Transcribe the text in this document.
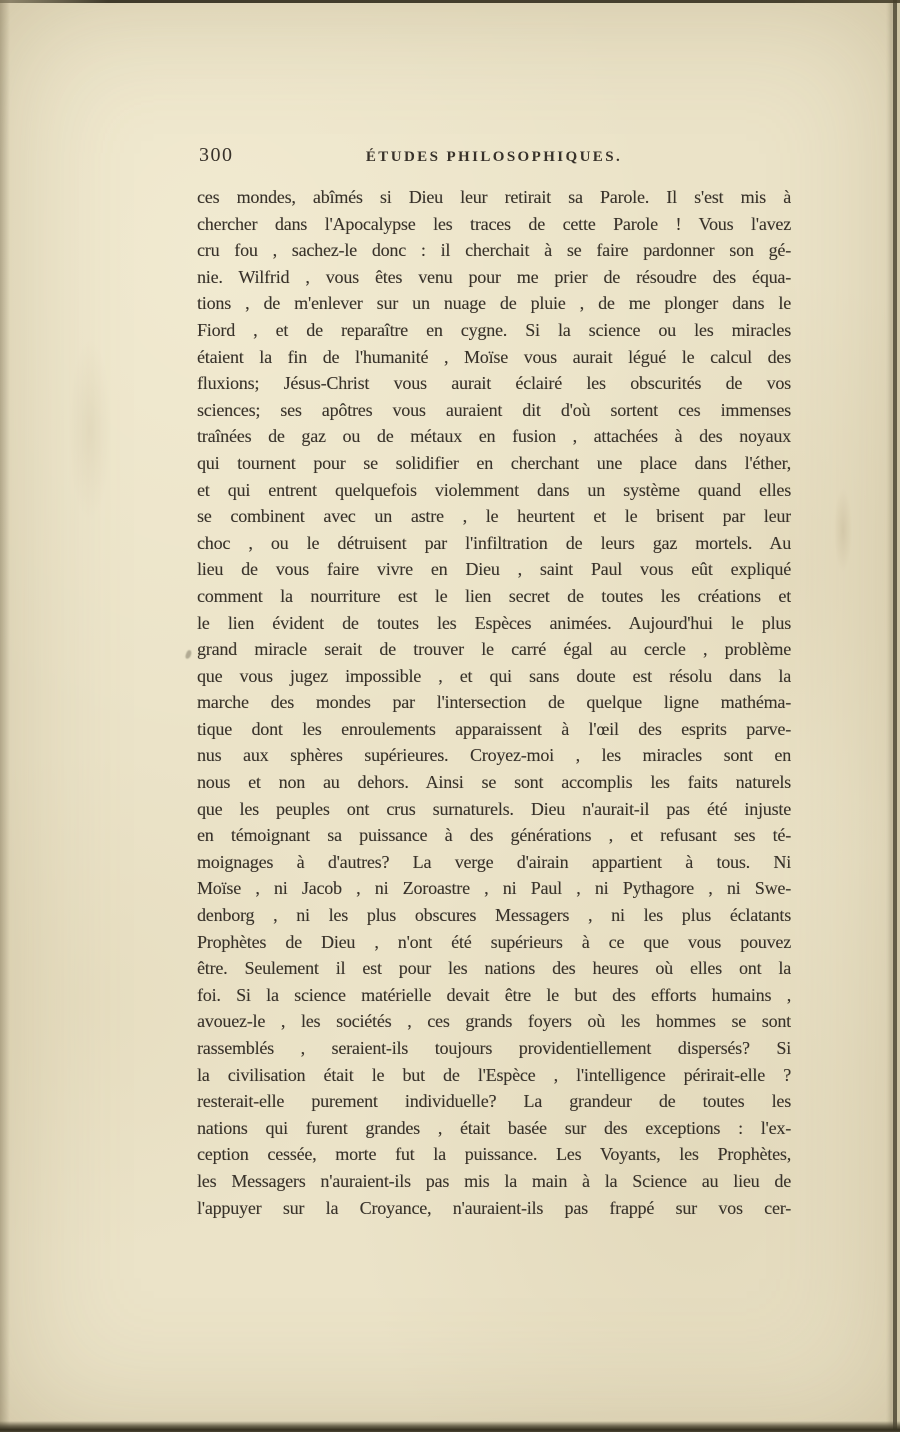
300	ÉTUDES PHILOSOPHIQUES.
ces mondes, abîmés si Dieu leur retirait sa Parole. Il s'est mis à
chercher dans l'Apocalypse les traces de cette Parole ! Vous l'avez
cru fou , sachez-le donc : il cherchait à se faire pardonner son gé-
nie. Wilfrid , vous êtes venu pour me prier de résoudre des équa-
tions , de m'enlever sur un nuage de pluie , de me plonger dans le
Fiord , et de reparaître en cygne. Si la science ou les miracles
étaient la fin de l'humanité , Moïse vous aurait légué le calcul des
fluxions; Jésus-Christ vous aurait éclairé les obscurités de vos
sciences; ses apôtres vous auraient dit d'où sortent ces immenses
traînées de gaz ou de métaux en fusion , attachées à des noyaux
qui tournent pour se solidifier en cherchant une place dans l'éther,
et qui entrent quelquefois violemment dans un système quand elles
se combinent avec un astre , le heurtent et le brisent par leur
choc , ou le détruisent par l'infiltration de leurs gaz mortels. Au
lieu de vous faire vivre en Dieu , saint Paul vous eût expliqué
comment la nourriture est le lien secret de toutes les créations et
le lien évident de toutes les Espèces animées. Aujourd'hui le plus
grand miracle serait de trouver le carré égal au cercle , problème
que vous jugez impossible , et qui sans doute est résolu dans la
marche des mondes par l'intersection de quelque ligne mathéma-
tique dont les enroulements apparaissent à l'œil des esprits parve-
nus aux sphères supérieures. Croyez-moi , les miracles sont en
nous et non au dehors. Ainsi se sont accomplis les faits naturels
que les peuples ont crus surnaturels. Dieu n'aurait-il pas été injuste
en témoignant sa puissance à des générations , et refusant ses té-
moignages à d'autres? La verge d'airain appartient à tous. Ni
Moïse , ni Jacob , ni Zoroastre , ni Paul , ni Pythagore , ni Swe-
denborg , ni les plus obscures Messagers , ni les plus éclatants
Prophètes de Dieu , n'ont été supérieurs à ce que vous pouvez
être. Seulement il est pour les nations des heures où elles ont la
foi. Si la science matérielle devait être le but des efforts humains ,
avouez-le , les sociétés , ces grands foyers où les hommes se sont
rassemblés , seraient-ils toujours providentiellement dispersés? Si
la civilisation était le but de l'Espèce , l'intelligence périrait-elle ?
resterait-elle purement individuelle? La grandeur de toutes les
nations qui furent grandes , était basée sur des exceptions : l'ex-
ception cessée, morte fut la puissance. Les Voyants, les Prophètes,
les Messagers n'auraient-ils pas mis la main à la Science au lieu de
l'appuyer sur la Croyance, n'auraient-ils pas frappé sur vos cer-
